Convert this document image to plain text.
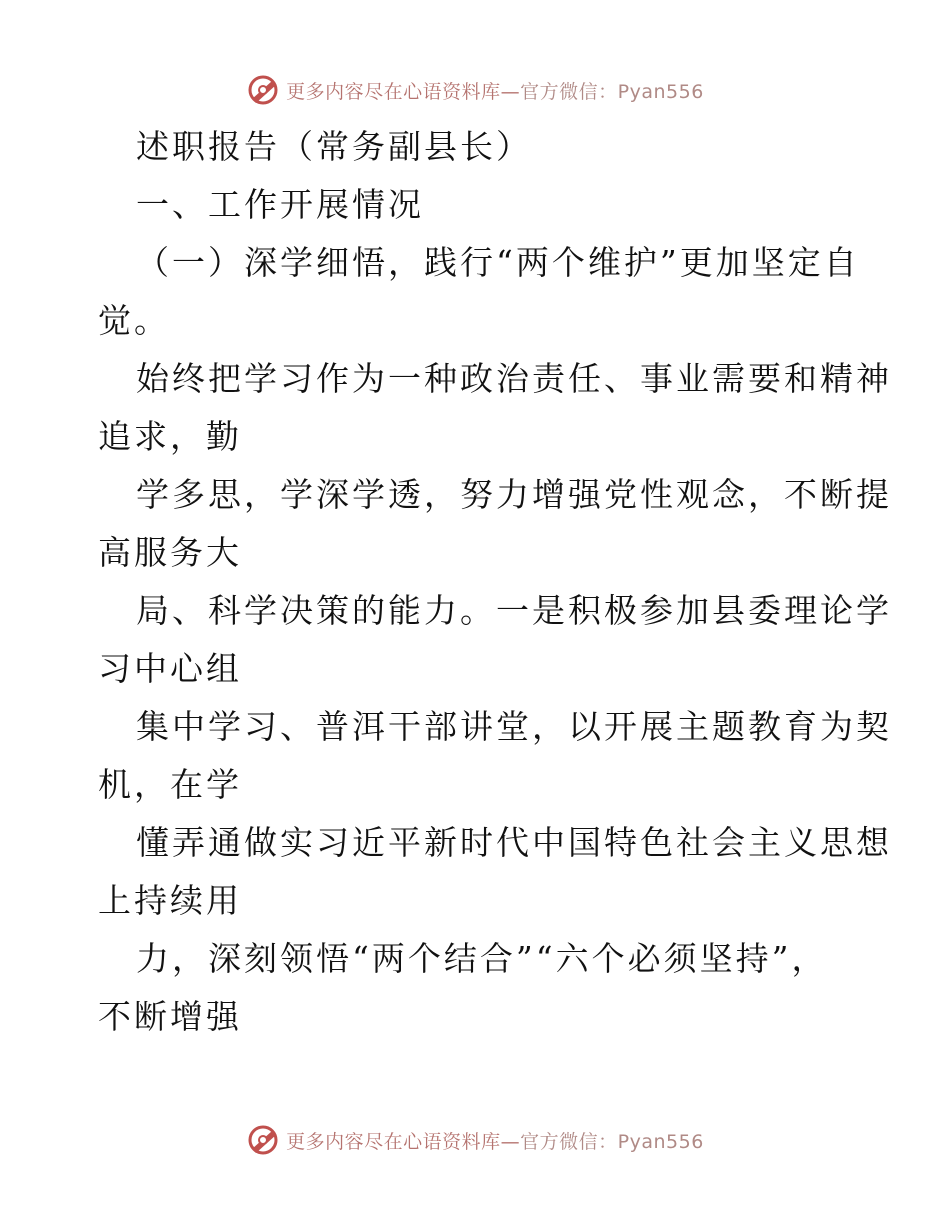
更多内容尽在心语资料库—官方微信：Pyan556
述职报告（常务副县长）
一、工作开展情况
（一）深学细悟，践行“两个维护”更加坚定自
觉。
始终把学习作为一种政治责任、事业需要和精神
追求，勤
学多思，学深学透，努力增强党性观念，不断提
高服务大
局、科学决策的能力。一是积极参加县委理论学
习中心组
集中学习、普洱干部讲堂，以开展主题教育为契
机，在学
懂弄通做实习近平新时代中国特色社会主义思想
上持续用
力，深刻领悟“两个结合”“六个必须坚持”，
不断增强
更多内容尽在心语资料库—官方微信：Pyan556
